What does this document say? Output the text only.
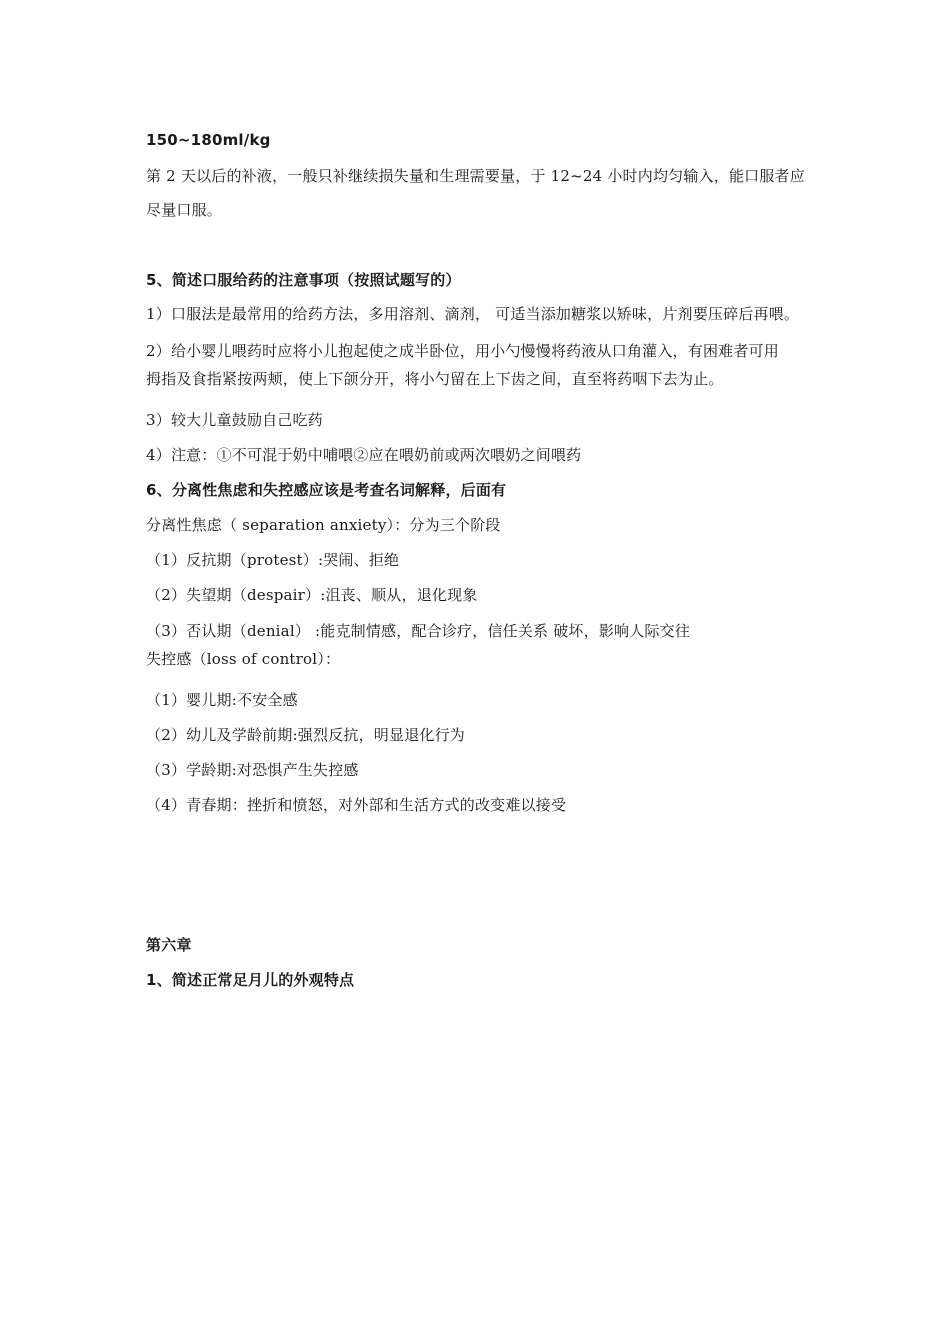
150~180ml/kg
第 2 天以后的补液，一般只补继续损失量和生理需要量，于 12~24 小时内均匀输入，能口服者应
尽量口服。
5、简述口服给药的注意事项（按照试题写的）
1）口服法是最常用的给药方法，多用溶剂、滴剂， 可适当添加糖浆以矫味，片剂要压碎后再喂。
2）给小婴儿喂药时应将小儿抱起使之成半卧位，用小勺慢慢将药液从口角灌入，有困难者可用
拇指及食指紧按两颊，使上下颌分开，将小勺留在上下齿之间，直至将药咽下去为止。
3）较大儿童鼓励自己吃药
4）注意：①不可混于奶中哺喂②应在喂奶前或两次喂奶之间喂药
6、分离性焦虑和失控感应该是考查名词解释，后面有
分离性焦虑（ separation anxiety）：分为三个阶段
（1）反抗期（protest）:哭闹、拒绝
（2）失望期（despair）:沮丧、顺从，退化现象
（3）否认期（denial） :能克制情感，配合诊疗，信任关系 破坏，影响人际交往
失控感（loss of control）：
（1）婴儿期:不安全感
（2）幼儿及学龄前期:强烈反抗，明显退化行为
（3）学龄期:对恐惧产生失控感
（4）青春期：挫折和愤怒，对外部和生活方式的改变难以接受
第六章
1、简述正常足月儿的外观特点
